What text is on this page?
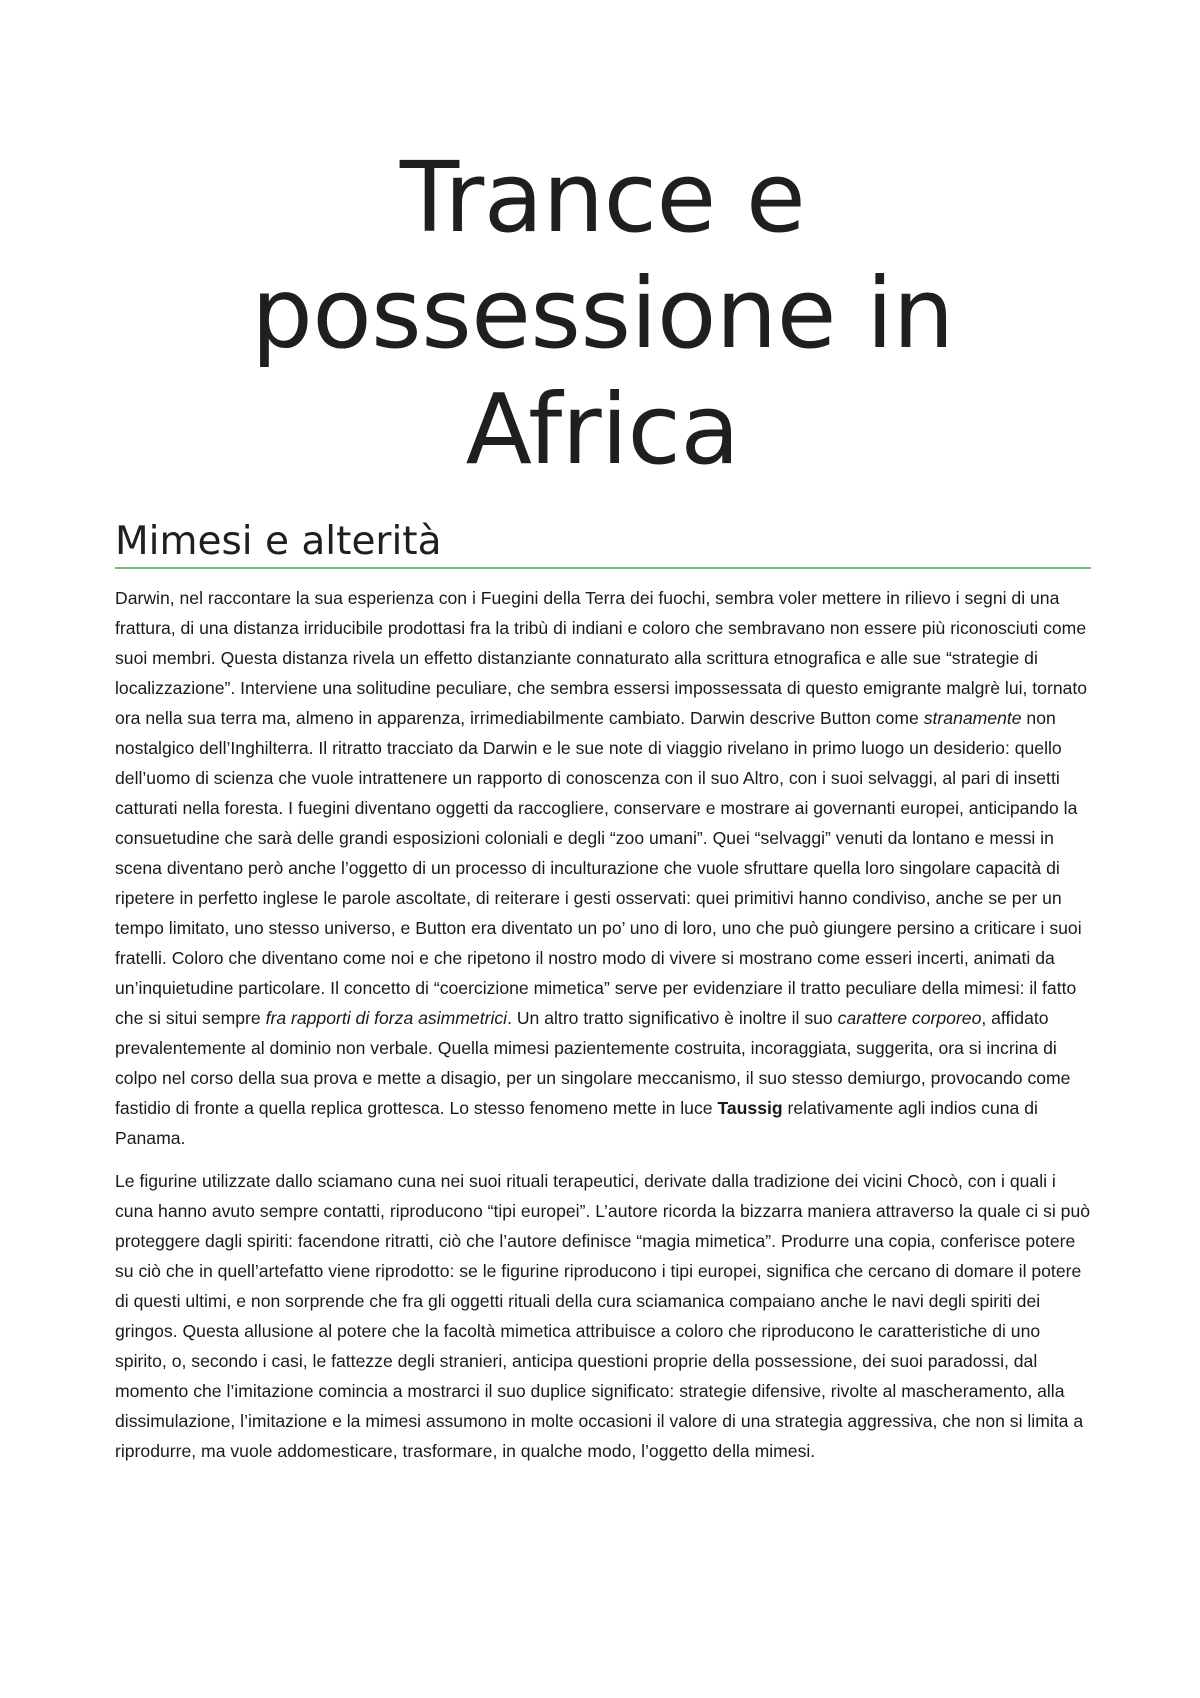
Trance e possessione in Africa
Mimesi e alterità

Darwin, nel raccontare la sua esperienza con i Fuegini della Terra dei fuochi, sembra voler mettere in rilievo i segni di una frattura, di una distanza irriducibile prodottasi fra la tribù di indiani e coloro che sembravano non essere più riconosciuti come suoi membri. Questa distanza rivela un effetto distanziante connaturato alla scrittura etnografica e alle sue “strategie di localizzazione”. Interviene una solitudine peculiare, che sembra essersi impossessata di questo emigrante malgrè lui, tornato ora nella sua terra ma, almeno in apparenza, irrimediabilmente cambiato. Darwin descrive Button come stranamente non nostalgico dell’Inghilterra. Il ritratto tracciato da Darwin e le sue note di viaggio rivelano in primo luogo un desiderio: quello dell’uomo di scienza che vuole intrattenere un rapporto di conoscenza con il suo Altro, con i suoi selvaggi, al pari di insetti catturati nella foresta. I fuegini diventano oggetti da raccogliere, conservare e mostrare ai governanti europei, anticipando la consuetudine che sarà delle grandi esposizioni coloniali e degli “zoo umani”. Quei “selvaggi” venuti da lontano e messi in scena diventano però anche l’oggetto di un processo di inculturazione che vuole sfruttare quella loro singolare capacità di ripetere in perfetto inglese le parole ascoltate, di reiterare i gesti osservati: quei primitivi hanno condiviso, anche se per un tempo limitato, uno stesso universo, e Button era diventato un po’ uno di loro, uno che può giungere persino a criticare i suoi fratelli. Coloro che diventano come noi e che ripetono il nostro modo di vivere si mostrano come esseri incerti, animati da un’inquietudine particolare. Il concetto di “coercizione mimetica” serve per evidenziare il tratto peculiare della mimesi: il fatto che si situi sempre fra rapporti di forza asimmetrici. Un altro tratto significativo è inoltre il suo carattere corporeo, affidato prevalentemente al dominio non verbale. Quella mimesi pazientemente costruita, incoraggiata, suggerita, ora si incrina di colpo nel corso della sua prova e mette a disagio, per un singolare meccanismo, il suo stesso demiurgo, provocando come fastidio di fronte a quella replica grottesca. Lo stesso fenomeno mette in luce Taussig relativamente agli indios cuna di Panama.

Le figurine utilizzate dallo sciamano cuna nei suoi rituali terapeutici, derivate dalla tradizione dei vicini Chocò, con i quali i cuna hanno avuto sempre contatti, riproducono “tipi europei”. L’autore ricorda la bizzarra maniera attraverso la quale ci si può proteggere dagli spiriti: facendone ritratti, ciò che l’autore definisce “magia mimetica”. Produrre una copia, conferisce potere su ciò che in quell’artefatto viene riprodotto: se le figurine riproducono i tipi europei, significa che cercano di domare il potere di questi ultimi, e non sorprende che fra gli oggetti rituali della cura sciamanica compaiano anche le navi degli spiriti dei gringos. Questa allusione al potere che la facoltà mimetica attribuisce a coloro che riproducono le caratteristiche di uno spirito, o, secondo i casi, le fattezze degli stranieri, anticipa questioni proprie della possessione, dei suoi paradossi, dal momento che l’imitazione comincia a mostrarci il suo duplice significato: strategie difensive, rivolte al mascheramento, alla dissimulazione, l’imitazione e la mimesi assumono in molte occasioni il valore di una strategia aggressiva, che non si limita a riprodurre, ma vuole addomesticare, trasformare, in qualche modo, l’oggetto della mimesi.
